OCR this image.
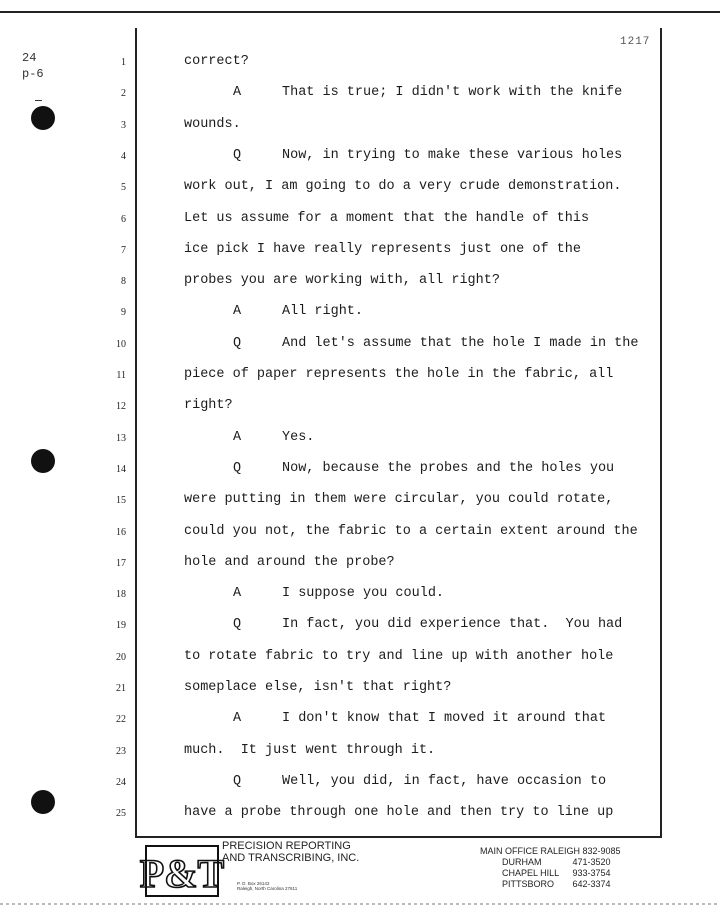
24
p-6
1217
1	correct?
2	A	That is true; I didn't work with the knife
3	wounds.
4	Q	Now, in trying to make these various holes
5	work out, I am going to do a very crude demonstration.
6	Let us assume for a moment that the handle of this
7	ice pick I have really represents just one of the
8	probes you are working with, all right?
9	A	All right.
10	Q	And let's assume that the hole I made in the
11	piece of paper represents the hole in the fabric, all
12	right?
13	A	Yes.
14	Q	Now, because the probes and the holes you
15	were putting in them were circular, you could rotate,
16	could you not, the fabric to a certain extent around the
17	hole and around the probe?
18	A	I suppose you could.
19	Q	In fact, you did experience that.  You had
20	to rotate fabric to try and line up with another hole
21	someplace else, isn't that right?
22	A	I don't know that I moved it around that
23	much.  It just went through it.
24	Q	Well, you did, in fact, have occasion to
25	have a probe through one hole and then try to line up
P&T
PRECISION REPORTING
AND TRANSCRIBING, INC.
P. O. Box 26142
Raleigh, North Carolina 27611
MAIN OFFICE RALEIGH 832-9085
DURHAM	471-3520
CHAPEL HILL 933-3754
PITTSBORO 642-3374
